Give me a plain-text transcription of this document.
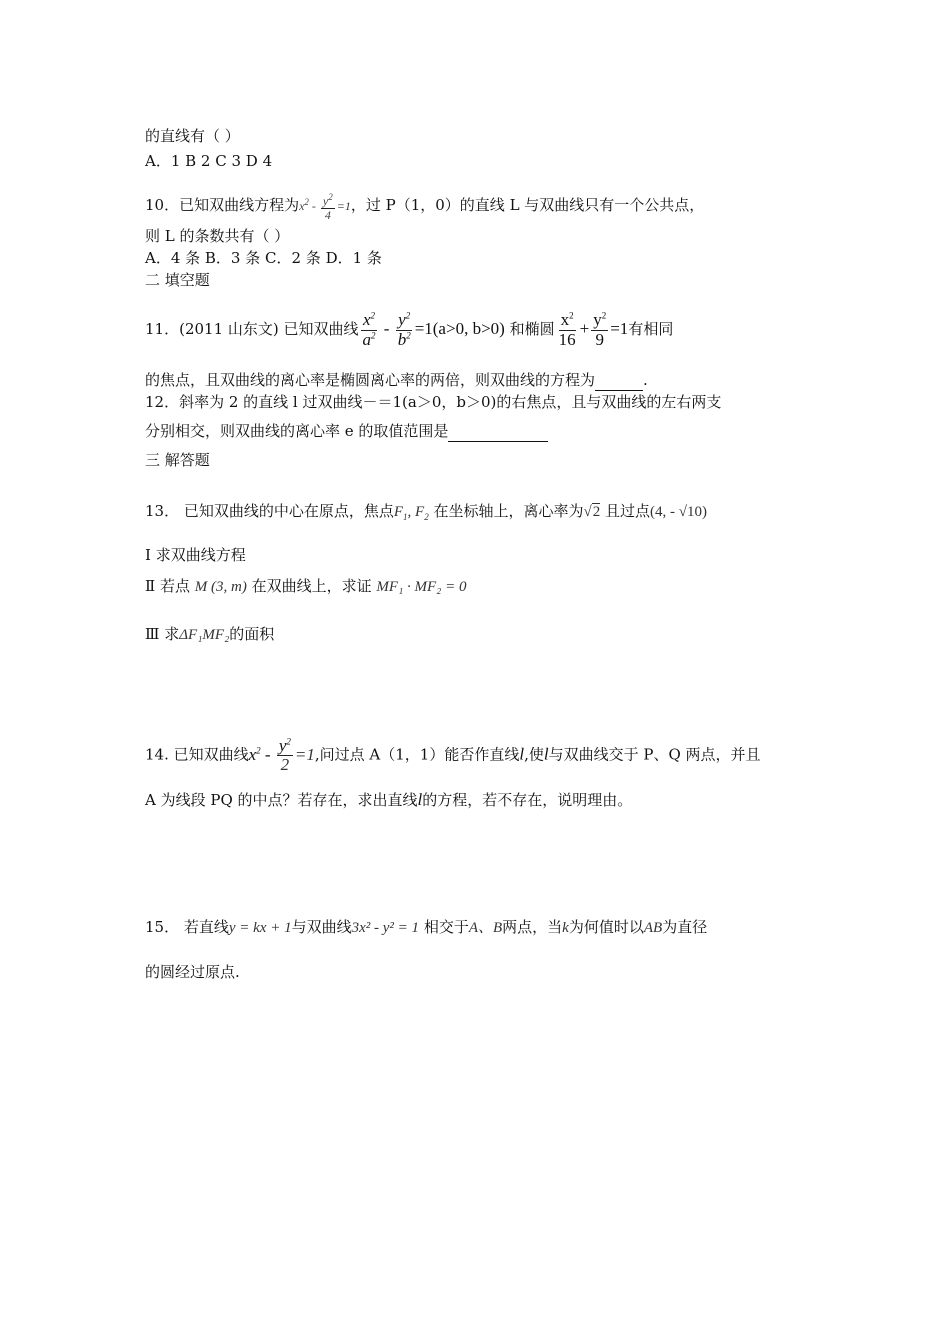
的直线有（ ）
A．1 B 2 C 3 D 4
10．已知双曲线方程为$x^2 - \frac{y^2}{4} =1$，过 P（1，0）的直线 L 与双曲线只有一个公共点，
则 L 的条数共有（ ）
A．4 条 B．3 条 C．2 条 D．1 条
二 填空题
11．(2011 山东文) 已知双曲线 $\frac{x^2}{a^2} - \frac{y^2}{b^2} =1(a>0$, b>0) 和椭圆 $\frac{x^2}{16} + \frac{y^2}{9} =1$有相同
的焦点，且双曲线的离心率是椭圆离心率的两倍，则双曲线的方程为	.
12．斜率为 2 的直线 l 过双曲线－＝1(a＞0，b＞0)的右焦点，且与双曲线的左右两支
分别相交，则双曲线的离心率 e 的取值范围是
三 解答题
13． 已知双曲线的中心在原点，焦点$F_1$, $F_2$ 在坐标轴上，离心率为√2 且过点(4, - √10)
Ⅰ 求双曲线方程
Ⅱ 若点 M (3, m) 在双曲线上，求证 MF₁ · MF₂ = 0
Ⅲ 求ΔF₁MF₂的面积
14. 已知双曲线$x^2 - \frac{y^2}{2} =1$,问过点 A（1，1）能否作直线l,使l与双曲线交于 P、Q 两点，并且
A 为线段 PQ 的中点？若存在，求出直线l的方程，若不存在，说明理由。
15． 若直线y = kx + 1与双曲线3x² - y² = 1 相交于A、B两点，当k为何值时以AB为直径
的圆经过原点.
